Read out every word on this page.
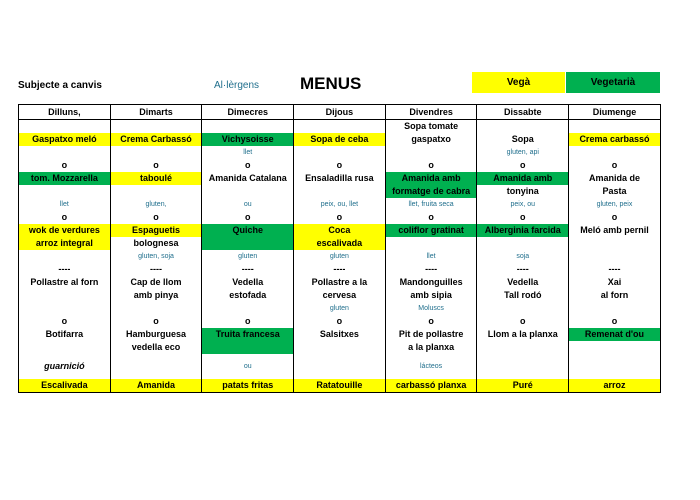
Subjecte a canvis	Al·lèrgens MENUS	Vegà	Vegetarià
Dilluns,	Dimarts	Dimecres	Dijous	Divendres	Dissabte	Diumenge
				Sopa tomate		
Gaspatxo meló	Crema Carbassó	Vichysoisse	Sopa de ceba	gaspatxo	Sopa	Crema carbassó
		llet			gluten, api	
o	o	o	o	o	o	o
tom. Mozzarella	taboulé	Amanida Catalana	Ensaladilla rusa	Amanida amb	Amanida amb	Amanida de
				formatge de cabra	tonyina	Pasta
llet	gluten,	ou	peix, ou, llet	llet, fruita seca	peix, ou	gluten, peix
o	o	o	o	o	o	o
wok de verdures	Espaguetis	Quiche	Coca	coliflor gratinat	Alberginia farcida	Meló amb pernil
arroz integral	bolognesa		escalivada			
	gluten, soja	gluten	gluten	llet	soja	
----	----	----	----	----	----	----
Pollastre al forn	Cap de llom	Vedella	Pollastre a la	Mandonguilles	Vedella	Xai
	amb pinya	estofada	cervesa	amb sipia	Tall rodó	al forn
			gluten	Moluscs		
o	o	o	o	o	o	o
Botifarra	Hamburguesa	Truita francesa	Salsitxes	Pit de pollastre	Llom a la planxa	Remenat d'ou
	vedella eco			a la planxa		

guarnició		ou		lácteos		

Escalivada	Amanida	patats fritas	Ratatouille	carbassó planxa	Puré	arroz
